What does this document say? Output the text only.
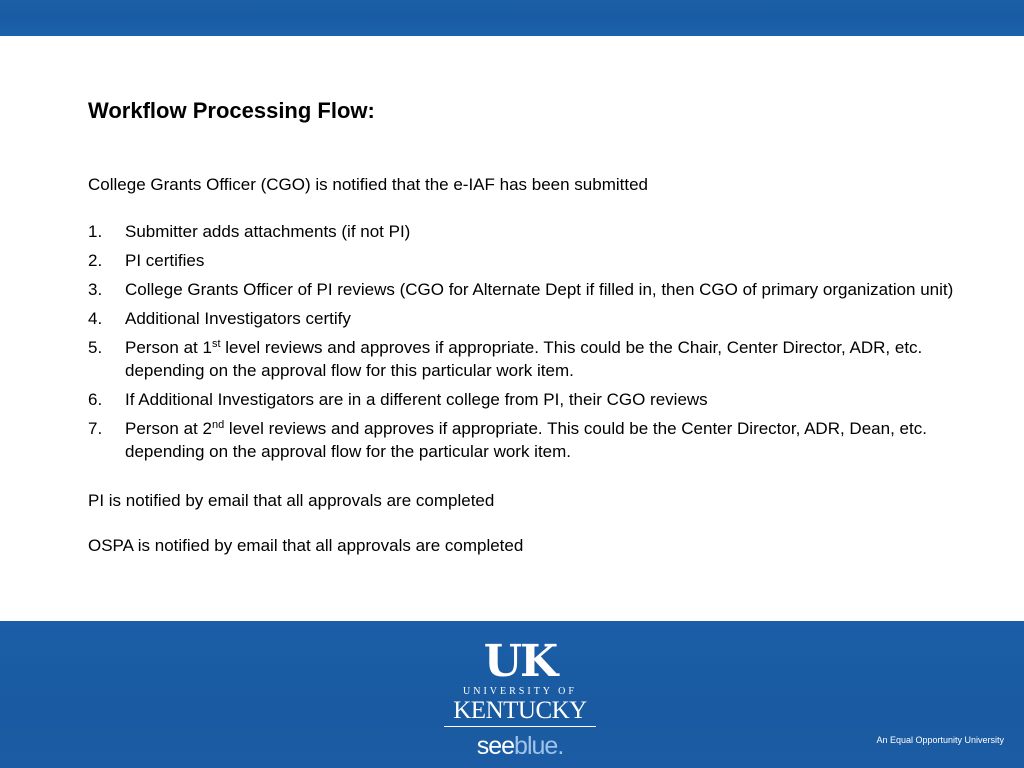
Workflow Processing Flow:

College Grants Officer (CGO) is notified that the e-IAF has been submitted

1. Submitter adds attachments (if not PI)
2. PI certifies
3. College Grants Officer of PI reviews (CGO for Alternate Dept if filled in, then CGO of primary organization unit)
4. Additional Investigators certify
5. Person at 1st level reviews and approves if appropriate. This could be the Chair, Center Director, ADR, etc. depending on the approval flow for this particular work item.
6. If Additional Investigators are in a different college from PI, their CGO reviews
7. Person at 2nd level reviews and approves if appropriate. This could be the Center Director, ADR, Dean, etc. depending on the approval flow for the particular work item.

PI is notified by email that all approvals are completed

OSPA is notified by email that all approvals are completed

UK
UNIVERSITY OF
KENTUCKY
seeblue.	An Equal Opportunity University
